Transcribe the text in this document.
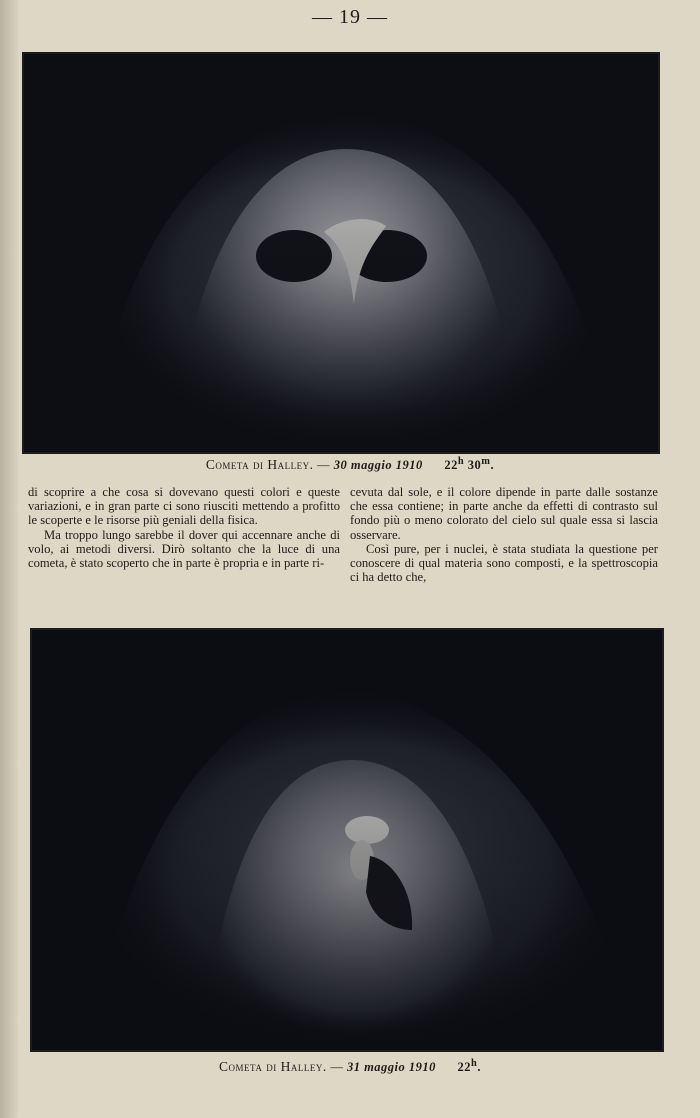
— 19 —
Cometa di Halley. — 30 maggio 1910 22$^h$ 30$^m$.

di scoprire a che cosa si dovevano questi colori e queste variazioni, e in gran parte ci sono riusciti mettendo a profitto le scoperte e le risorse più geniali della fisica.

Ma troppo lungo sarebbe il dover qui accennare anche di volo, ai metodi diversi. Dirò soltanto che la luce di una cometa, è stato scoperto che in parte è propria e in parte ri-

cevuta dal sole, e il colore dipende in parte dalle sostanze che essa contiene; in parte anche da effetti di contrasto sul fondo più o meno colorato del cielo sul quale essa si lascia osservare.

Così pure, per i nuclei, è stata studiata la questione per conoscere di qual materia sono composti, e la spettroscopia ci ha detto che,

Cometa di Halley. — 31 maggio 1910 22$^h$.
